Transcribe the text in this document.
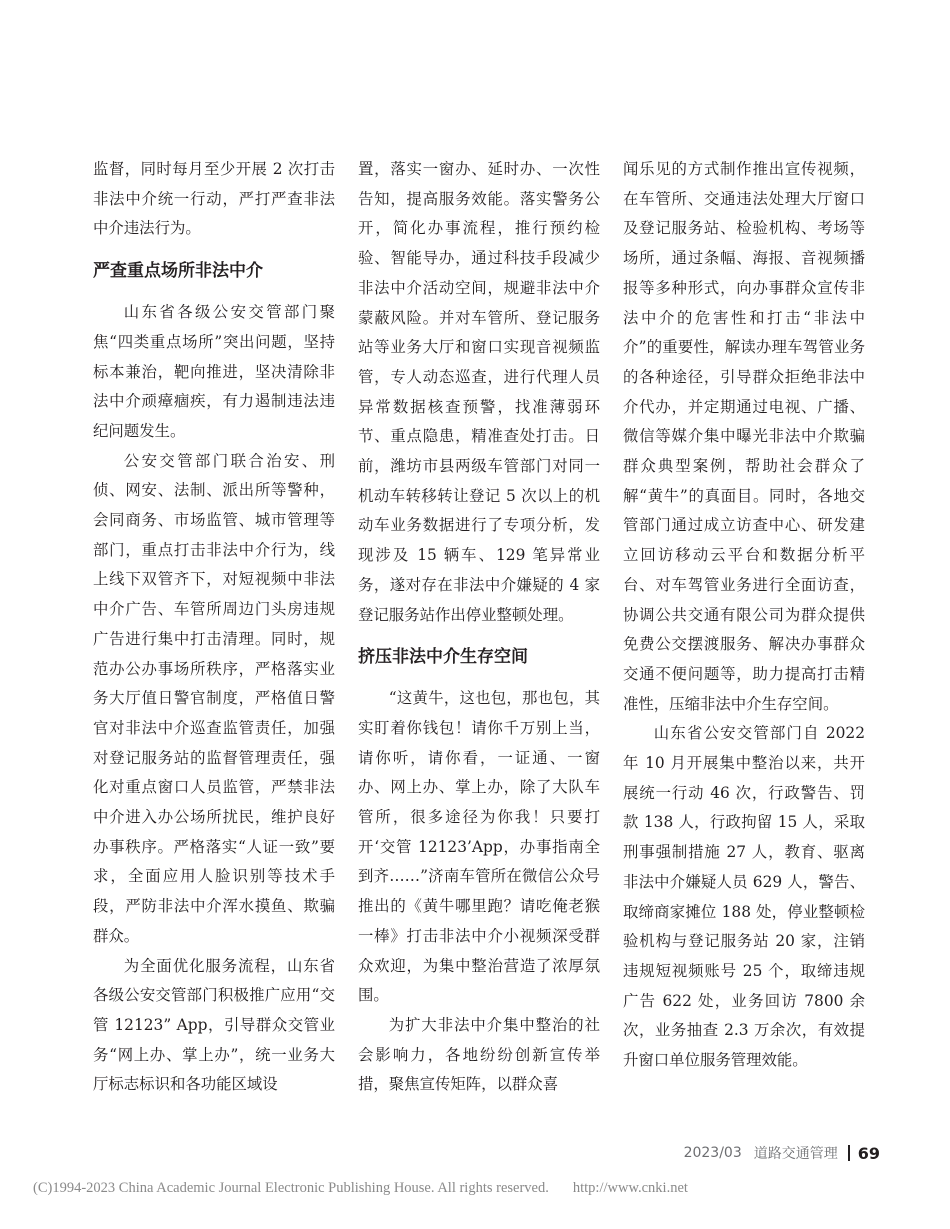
监督，同时每月至少开展 2 次打击非法中介统一行动，严打严查非法中介违法行为。

严查重点场所非法中介

山东省各级公安交管部门聚焦“四类重点场所”突出问题，坚持标本兼治，靶向推进，坚决清除非法中介顽瘴痼疾，有力遏制违法违纪问题发生。

公安交管部门联合治安、刑侦、网安、法制、派出所等警种，会同商务、市场监管、城市管理等部门，重点打击非法中介行为，线上线下双管齐下，对短视频中非法中介广告、车管所周边门头房违规广告进行集中打击清理。同时，规范办公办事场所秩序，严格落实业务大厅值日警官制度，严格值日警官对非法中介巡查监管责任，加强对登记服务站的监督管理责任，强化对重点窗口人员监管，严禁非法中介进入办公场所扰民，维护良好办事秩序。严格落实“人证一致”要求，全面应用人脸识别等技术手段，严防非法中介浑水摸鱼、欺骗群众。

为全面优化服务流程，山东省各级公安交管部门积极推广应用“交管 12123” App，引导群众交管业务“网上办、掌上办”，统一业务大厅标志标识和各功能区域设

置，落实一窗办、延时办、一次性告知，提高服务效能。落实警务公开，简化办事流程，推行预约检验、智能导办，通过科技手段减少非法中介活动空间，规避非法中介蒙蔽风险。并对车管所、登记服务站等业务大厅和窗口实现音视频监管，专人动态巡查，进行代理人员异常数据核查预警，找准薄弱环节、重点隐患，精准查处打击。日前，潍坊市县两级车管部门对同一机动车转移转让登记 5 次以上的机动车业务数据进行了专项分析，发现涉及 15 辆车、129 笔异常业务，遂对存在非法中介嫌疑的 4 家登记服务站作出停业整顿处理。

挤压非法中介生存空间

“这黄牛，这也包，那也包，其实盯着你钱包！请你千万别上当，请你听，请你看，一证通、一窗办、网上办、掌上办，除了大队车管所，很多途径为你我！只要打开‘交管 12123’App，办事指南全到齐……”济南车管所在微信公众号推出的《黄牛哪里跑？请吃俺老猴一棒》打击非法中介小视频深受群众欢迎，为集中整治营造了浓厚氛围。

为扩大非法中介集中整治的社会影响力，各地纷纷创新宣传举措，聚焦宣传矩阵，以群众喜

闻乐见的方式制作推出宣传视频，在车管所、交通违法处理大厅窗口及登记服务站、检验机构、考场等场所，通过条幅、海报、音视频播报等多种形式，向办事群众宣传非法中介的危害性和打击“非法中介”的重要性，解读办理车驾管业务的各种途径，引导群众拒绝非法中介代办，并定期通过电视、广播、微信等媒介集中曝光非法中介欺骗群众典型案例，帮助社会群众了解“黄牛”的真面目。同时，各地交管部门通过成立访查中心、研发建立回访移动云平台和数据分析平台、对车驾管业务进行全面访查，协调公共交通有限公司为群众提供免费公交摆渡服务、解决办事群众交通不便问题等，助力提高打击精准性，压缩非法中介生存空间。

山东省公安交管部门自 2022 年 10 月开展集中整治以来，共开展统一行动 46 次，行政警告、罚款 138 人，行政拘留 15 人，采取刑事强制措施 27 人，教育、驱离非法中介嫌疑人员 629 人，警告、取缔商家摊位 188 处，停业整顿检验机构与登记服务站 20 家，注销违规短视频账号 25 个，取缔违规广告 622 处，业务回访 7800 余次，业务抽查 2.3 万余次，有效提升窗口单位服务管理效能。

2023/03 道路交通管理 69
(C)1994-2023 China Academic Journal Electronic Publishing House. All rights reserved. http://www.cnki.net
